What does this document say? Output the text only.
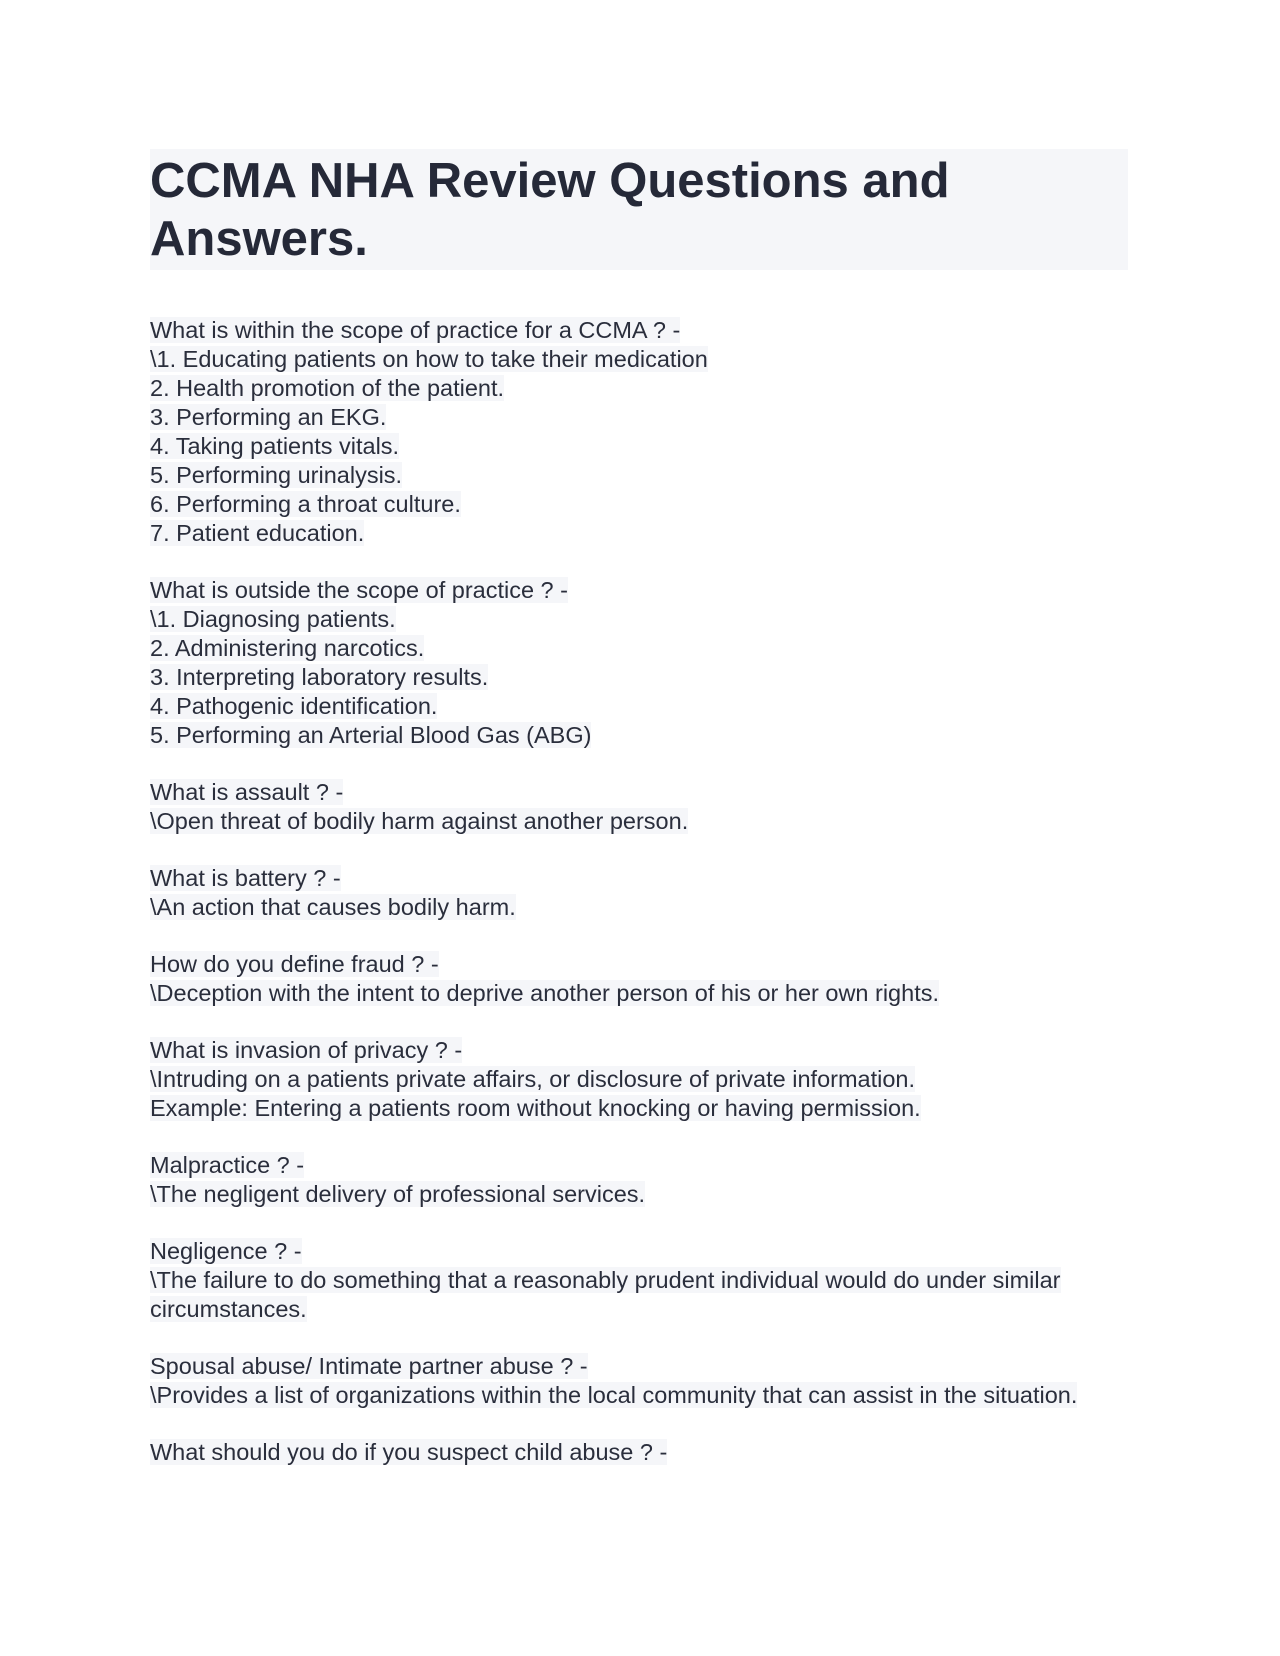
CCMA NHA Review Questions and Answers.
What is within the scope of practice for a CCMA ? -
\1. Educating patients on how to take their medication
2. Health promotion of the patient.
3. Performing an EKG.
4. Taking patients vitals.
5. Performing urinalysis.
6. Performing a throat culture.
7. Patient education.
What is outside the scope of practice ? -
\1. Diagnosing patients.
2. Administering narcotics.
3. Interpreting laboratory results.
4. Pathogenic identification.
5. Performing an Arterial Blood Gas (ABG)
What is assault ? -
\Open threat of bodily harm against another person.
What is battery ? -
\An action that causes bodily harm.
How do you define fraud ? -
\Deception with the intent to deprive another person of his or her own rights.
What is invasion of privacy ? -
\Intruding on a patients private affairs, or disclosure of private information.
Example: Entering a patients room without knocking or having permission.
Malpractice ? -
\The negligent delivery of professional services.
Negligence ? -
\The failure to do something that a reasonably prudent individual would do under similar circumstances.
Spousal abuse/ Intimate partner abuse ? -
\Provides a list of organizations within the local community that can assist in the situation.
What should you do if you suspect child abuse ? -
